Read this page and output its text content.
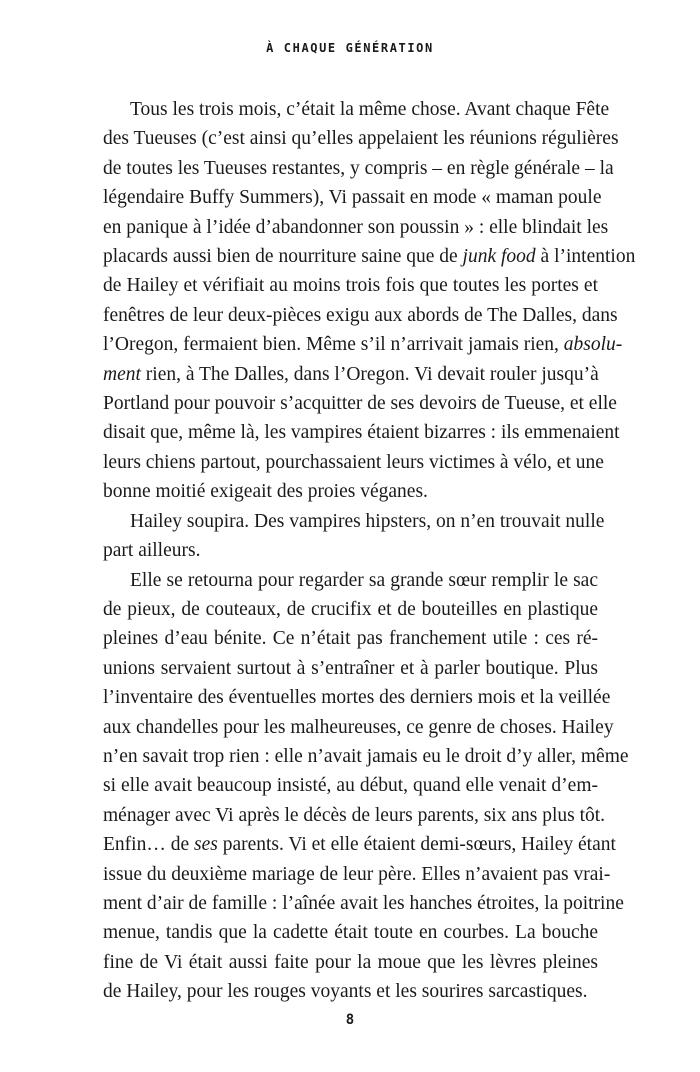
À CHAQUE GÉNÉRATION
Tous les trois mois, c’était la même chose. Avant chaque Fête
des Tueuses (c’est ainsi qu’elles appelaient les réunions régulières
de toutes les Tueuses restantes, y compris – en règle générale – la
légendaire Buffy Summers), Vi passait en mode « maman poule
en panique à l’idée d’abandonner son poussin » : elle blindait les
placards aussi bien de nourriture saine que de junk food à l’intention
de Hailey et vérifiait au moins trois fois que toutes les portes et
fenêtres de leur deux-pièces exigu aux abords de The Dalles, dans
l’Oregon, fermaient bien. Même s’il n’arrivait jamais rien, absolu-
ment rien, à The Dalles, dans l’Oregon. Vi devait rouler jusqu’à
Portland pour pouvoir s’acquitter de ses devoirs de Tueuse, et elle
disait que, même là, les vampires étaient bizarres : ils emmenaient
leurs chiens partout, pourchassaient leurs victimes à vélo, et une
bonne moitié exigeait des proies véganes.
Hailey soupira. Des vampires hipsters, on n’en trouvait nulle
part ailleurs.
Elle se retourna pour regarder sa grande sœur remplir le sac
de pieux, de couteaux, de crucifix et de bouteilles en plastique
pleines d’eau bénite. Ce n’était pas franchement utile : ces ré-
unions servaient surtout à s’entraîner et à parler boutique. Plus
l’inventaire des éventuelles mortes des derniers mois et la veillée
aux chandelles pour les malheureuses, ce genre de choses. Hailey
n’en savait trop rien : elle n’avait jamais eu le droit d’y aller, même
si elle avait beaucoup insisté, au début, quand elle venait d’em-
ménager avec Vi après le décès de leurs parents, six ans plus tôt.
Enfin… de ses parents. Vi et elle étaient demi-sœurs, Hailey étant
issue du deuxième mariage de leur père. Elles n’avaient pas vrai-
ment d’air de famille : l’aînée avait les hanches étroites, la poitrine
menue, tandis que la cadette était toute en courbes. La bouche
fine de Vi était aussi faite pour la moue que les lèvres pleines
de Hailey, pour les rouges voyants et les sourires sarcastiques.
8
